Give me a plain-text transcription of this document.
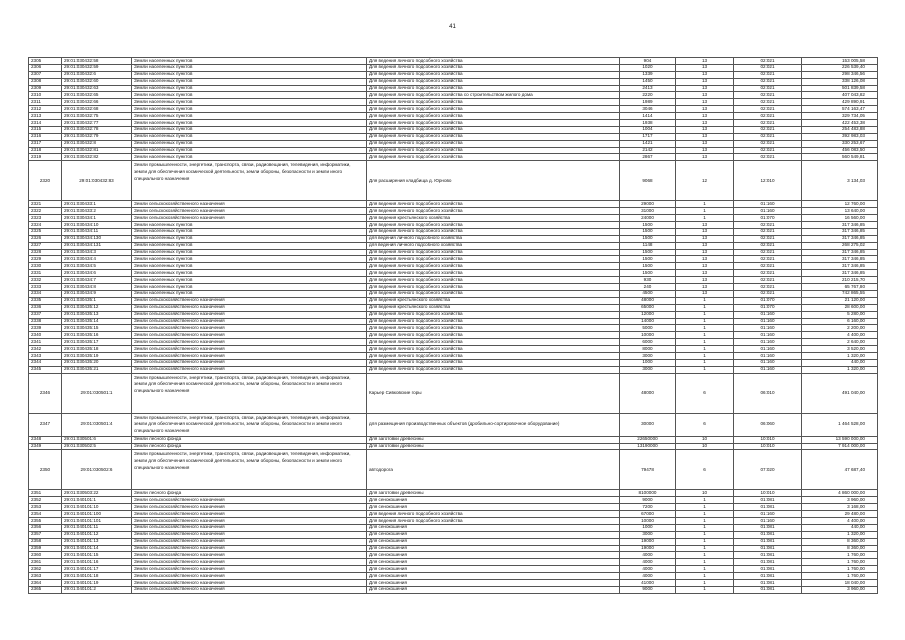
41
2305	29:01:030432:58	Земли населенных пунктов	Для ведения личного подсобного хозяйства	904	13	02:021	153 005,58
2306	29:01:030432:59	Земли населенных пунктов	Для ведения личного подсобного хозяйства	1020	13	02:021	226 539,40
2307	29:01:030432:6	Земли населенных пунктов	Для ведения личного подсобного хозяйства	1339	13	02:021	298 346,56
2308	29:01:030432:60	Земли населенных пунктов	Для ведения личного подсобного хозяйства	1450	13	02:021	338 126,08
2309	29:01:030432:63	Земли населенных пунктов	Для ведения личного подсобного хозяйства	2413	13	02:021	501 839,58
2310	29:01:030432:65	Земли населенных пунктов	Для ведения личного подсобного хозяйства со строительством жилого дома	2220	13	02:021	407 043,82
2311	29:01:030432:66	Земли населенных пунктов	Для ведения личного подсобного хозяйства	1989	13	02:021	429 890,91
2312	29:01:030432:68	Земли населенных пунктов	Для ведения личного подсобного хозяйства	3046	13	02:021	574 163,47
2313	29:01:030432:75	Земли населенных пунктов	Для ведения личного подсобного хозяйства	1414	13	02:021	329 734,05
2314	29:01:030432:77	Земли населенных пунктов	Для ведения личного подсобного хозяйства	1938	13	02:021	422 453,38
2315	29:01:030432:78	Земли населенных пунктов	Для ведения личного подсобного хозяйства	1004	13	02:021	254 483,88
2316	29:01:030432:79	Земли населенных пунктов	Для ведения личного подсобного хозяйства	1717	13	02:021	392 983,03
2317	29:01:030432:8	Земли населенных пунктов	Для ведения личного подсобного хозяйства	1421	13	02:021	330 253,67
2318	29:01:030432:81	Земли населенных пунктов	Для ведения личного подсобного хозяйства	2142	13	02:021	456 083,50
2319	29:01:030432:82	Земли населенных пунктов	Для ведения личного подсобного хозяйства	2867	13	02:021	560 549,81
2320	29:01:030432:83	Земли промышленности, энергетики, транспорта, связи, радиовещания, телевидения, информатики, земли для обеспечения космической деятельности, земли обороны, безопасности и земли иного специального назначения	Для расширения кладбища д. Юрново	9068	12	12:010	3 134,03
2321	29:01:030433:1	Земли сельскохозяйственного назначения	Для ведения личного подсобного хозяйства	29000	1	01:160	12 760,00
2322	29:01:030433:2	Земли сельскохозяйственного назначения	Для ведения личного подсобного хозяйства	31000	1	01:160	13 640,00
2323	29:01:030434:1	Земли сельскохозяйственного назначения	Для ведения крестьянского хозяйства	24000	1	01:070	16 560,00
2324	29:01:030434:10	Земли населенных пунктов	Для ведения личного подсобного хозяйства	1500	13	02:021	317 346,85
2325	29:01:030434:11	Земли населенных пунктов	Для ведения личного подсобного хозяйства	1500	13	02:021	317 346,85
2326	29:01:030434:130	Земли населенных пунктов	для ведения личного подсобного хозяйства	1500	13	02:021	317 346,85
2327	29:01:030434:131	Земли населенных пунктов	для ведения личного подсобного хозяйства	1148	13	02:021	268 275,02
2328	29:01:030434:3	Земли населенных пунктов	Для ведения личного подсобного хозяйства	1500	13	02:021	317 346,85
2329	29:01:030434:4	Земли населенных пунктов	Для ведения личного подсобного хозяйства	1500	13	02:021	317 346,85
2330	29:01:030434:5	Земли населенных пунктов	Для ведения личного подсобного хозяйства	1500	13	02:021	317 346,85
2331	29:01:030434:6	Земли населенных пунктов	Для ведения личного подсобного хозяйства	1500	13	02:021	317 346,85
2332	29:01:030434:7	Земли населенных пунктов	Для ведения личного подсобного хозяйства	930	13	02:021	210 215,70
2333	29:01:030434:8	Земли населенных пунктов	Для ведения личного подсобного хозяйства	240	13	02:021	65 767,80
2334	29:01:030434:9	Земли населенных пунктов	Для ведения личного подсобного хозяйства	4500	13	02:021	742 865,55
2335	29:01:030435:1	Земли сельскохозяйственного назначения	Для ведения крестьянского хозяйства	48000	1	01:070	21 120,00
2336	29:01:030435:12	Земли сельскохозяйственного назначения	Для ведения крестьянского хозяйства	65000	1	01:070	28 600,00
2337	29:01:030435:13	Земли сельскохозяйственного назначения	Для ведения личного подсобного хозяйства	12000	1	01:160	5 280,00
2338	29:01:030435:14	Земли сельскохозяйственного назначения	Для ведения личного подсобного хозяйства	14000	1	01:160	6 160,00
2339	29:01:030435:15	Земли сельскохозяйственного назначения	Для ведения личного подсобного хозяйства	5000	1	01:160	2 200,00
2340	29:01:030435:16	Земли сельскохозяйственного назначения	Для ведения личного подсобного хозяйства	10000	1	01:160	4 400,00
2341	29:01:030435:17	Земли сельскохозяйственного назначения	Для ведения личного подсобного хозяйства	6000	1	01:160	2 640,00
2342	29:01:030435:18	Земли сельскохозяйственного назначения	Для ведения личного подсобного хозяйства	8000	1	01:160	3 520,00
2343	29:01:030435:19	Земли сельскохозяйственного назначения	Для ведения личного подсобного хозяйства	3000	1	01:160	1 320,00
2344	29:01:030435:20	Земли сельскохозяйственного назначения	Для ведения личного подсобного хозяйства	1000	1	01:160	440,00
2345	29:01:030435:21	Земли сельскохозяйственного назначения	Для ведения личного подсобного хозяйства	3000	1	01:160	1 320,00
2346	29:01:030501:1	Земли промышленности, энергетики, транспорта, связи, радиовещания, телевидения, информатики, земли для обеспечения космической деятельности, земли обороны, безопасности и земли иного специального назначения	Карьер Сивковские горы	48000	6	06:010	491 040,00
2347	29:01:030501:4	Земли промышленности, энергетики, транспорта, связи, радиовещания, телевидения, информатики, земли для обеспечения космической деятельности, земли обороны, безопасности и земли иного специального назначения	для размещения производственных объектов (дробильно-сортировочное оборудование)	30000	6	06:060	1 464 528,00
2348	29:01:030501:6	Земли лесного фонда	Для заготовки древесины	22650000	10	10:010	13 590 000,00
2349	29:01:030502:5	Земли лесного фонда	Для заготовки древесины	13190000	10	10:010	7 914 000,00
2350	29:01:030502:6	Земли промышленности, энергетики, транспорта, связи, радиовещания, телевидения, информатики, земли для обеспечения космической деятельности, земли обороны, безопасности и земли иного специального назначения	автодорога	79478	6	07:020	47 687,40
2351	29:01:030503:22	Земли лесного фонда	Для заготовки древесины	8100000	10	10:010	4 860 000,00
2352	29:01:040101:1	Земли сельскохозяйственного назначения	Для сенокошения	9000	1	01:081	3 960,00
2353	29:01:040101:10	Земли сельскохозяйственного назначения	Для сенокошения	7200	1	01:081	3 168,00
2354	29:01:040101:100	Земли сельскохозяйственного назначения	Для ведения личного подсобного хозяйства	67000	1	01:160	29 480,00
2355	29:01:040101:101	Земли сельскохозяйственного назначения	Для ведения личного подсобного хозяйства	10000	1	01:160	4 400,00
2356	29:01:040101:11	Земли сельскохозяйственного назначения	Для сенокошения	1000	1	01:081	440,00
2357	29:01:040101:12	Земли сельскохозяйственного назначения	Для сенокошения	3000	1	01:081	1 320,00
2358	29:01:040101:13	Земли сельскохозяйственного назначения	Для сенокошения	19000	1	01:081	8 360,00
2359	29:01:040101:14	Земли сельскохозяйственного назначения	Для сенокошения	19000	1	01:081	8 360,00
2360	29:01:040101:15	Земли сельскохозяйственного назначения	Для сенокошения	4000	1	01:081	1 760,00
2361	29:01:040101:16	Земли сельскохозяйственного назначения	Для сенокошения	4000	1	01:081	1 760,00
2362	29:01:040101:17	Земли сельскохозяйственного назначения	Для сенокошения	4000	1	01:081	1 760,00
2363	29:01:040101:18	Земли сельскохозяйственного назначения	Для сенокошения	4000	1	01:081	1 760,00
2364	29:01:040101:19	Земли сельскохозяйственного назначения	Для сенокошения	41000	1	01:081	18 040,00
2365	29:01:040101:2	Земли сельскохозяйственного назначения	Для сенокошения	9000	1	01:081	3 960,00
